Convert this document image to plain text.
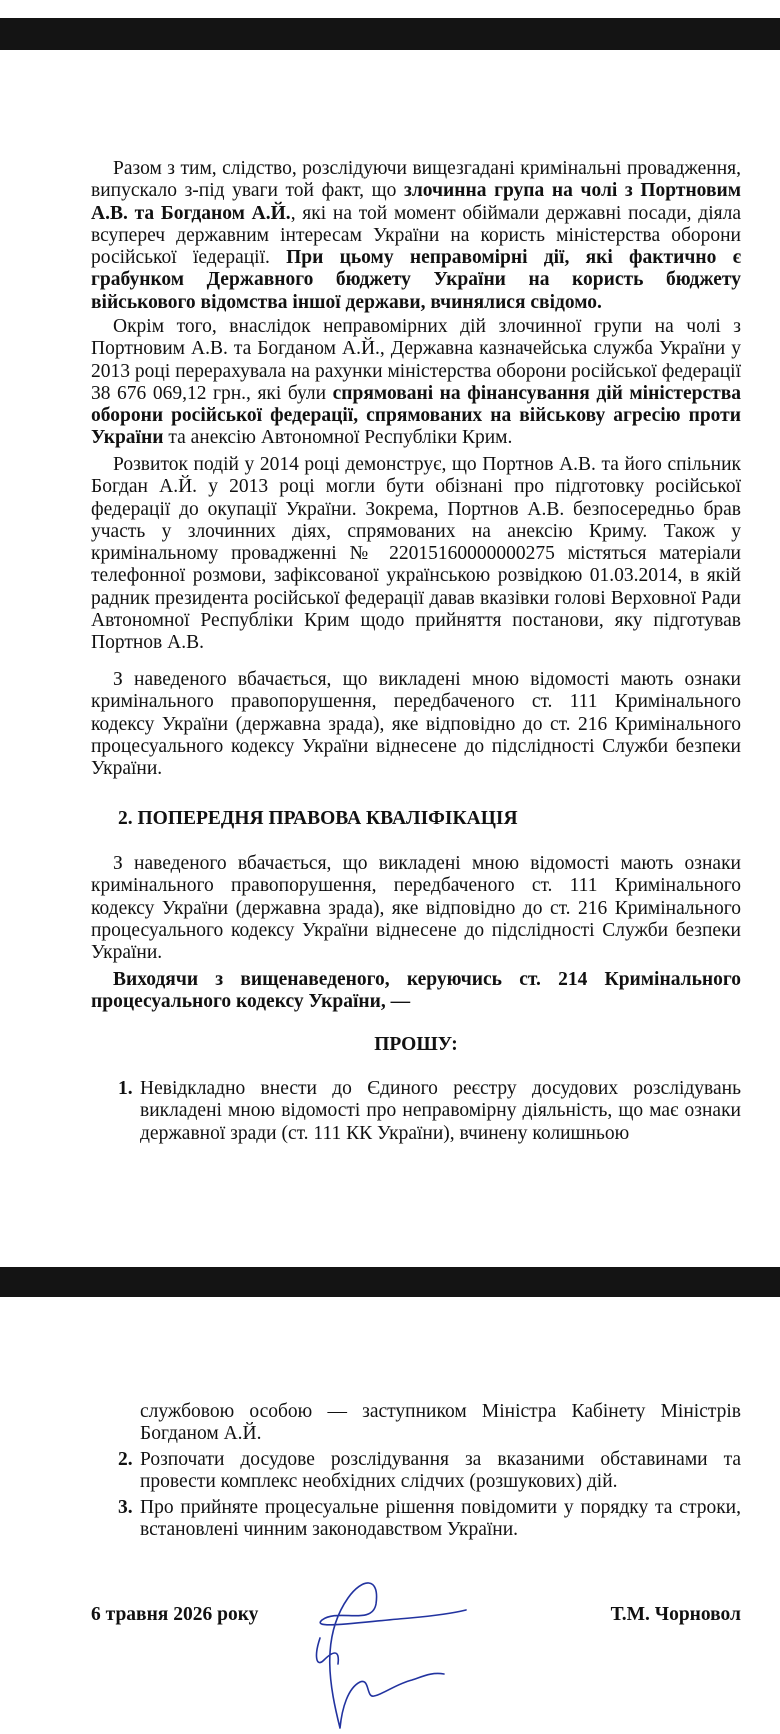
Разом з тим, слідство, розслідуючи вищезгадані кримінальні провадження, випускало з-під уваги той факт, що злочинна група на чолі з Портновим А.В. та Богданом А.Й., які на той момент обіймали державні посади, діяла всупереч державним інтересам України на користь міністерства оборони російської їедерації. При цьому неправомірні дії, які фактично є грабунком Державного бюджету України на користь бюджету військового відомства іншої держави, вчинялися свідомо.
Окрім того, внаслідок неправомірних дій злочинної групи на чолі з Портновим А.В. та Богданом А.Й., Державна казначейська служба України у 2013 році перерахувала на рахунки міністерства оборони російської федерації 38 676 069,12 грн., які були спрямовані на фінансування дій міністерства оборони російської федерації, спрямованих на військову агресію проти України та анексію Автономної Республіки Крим.
Розвиток подій у 2014 році демонструє, що Портнов А.В. та його спільник Богдан А.Й. у 2013 році могли бути обізнані про підготовку російської федерації до окупації України. Зокрема, Портнов А.В. безпосередньо брав участь у злочинних діях, спрямованих на анексію Криму. Також у кримінальному провадженні № 22015160000000275 містяться матеріали телефонної розмови, зафіксованої українською розвідкою 01.03.2014, в якій радник президента російської федерації давав вказівки голові Верховної Ради Автономної Республіки Крим щодо прийняття постанови, яку підготував Портнов А.В.
З наведеного вбачається, що викладені мною відомості мають ознаки кримінального правопорушення, передбаченого ст. 111 Кримінального кодексу України (державна зрада), яке відповідно до ст. 216 Кримінального процесуального кодексу України віднесене до підслідності Служби безпеки України.
2. ПОПЕРЕДНЯ ПРАВОВА КВАЛІФІКАЦІЯ
З наведеного вбачається, що викладені мною відомості мають ознаки кримінального правопорушення, передбаченого ст. 111 Кримінального кодексу України (державна зрада), яке відповідно до ст. 216 Кримінального процесуального кодексу України віднесене до підслідності Служби безпеки України.
Виходячи з вищенаведеного, керуючись ст. 214 Кримінального процесуального кодексу України, —
ПРОШУ:
1. Невідкладно внести до Єдиного реєстру досудових розслідувань викладені мною відомості про неправомірну діяльність, що має ознаки державної зради (ст. 111 КК України), вчинену колишньою
службовою особою — заступником Міністра Кабінету Міністрів Богданом А.Й.
2. Розпочати досудове розслідування за вказаними обставинами та провести комплекс необхідних слідчих (розшукових) дій.
3. Про прийняте процесуальне рішення повідомити у порядку та строки, встановлені чинним законодавством України.
6 травня 2026 року	Т.М. Чорновол
